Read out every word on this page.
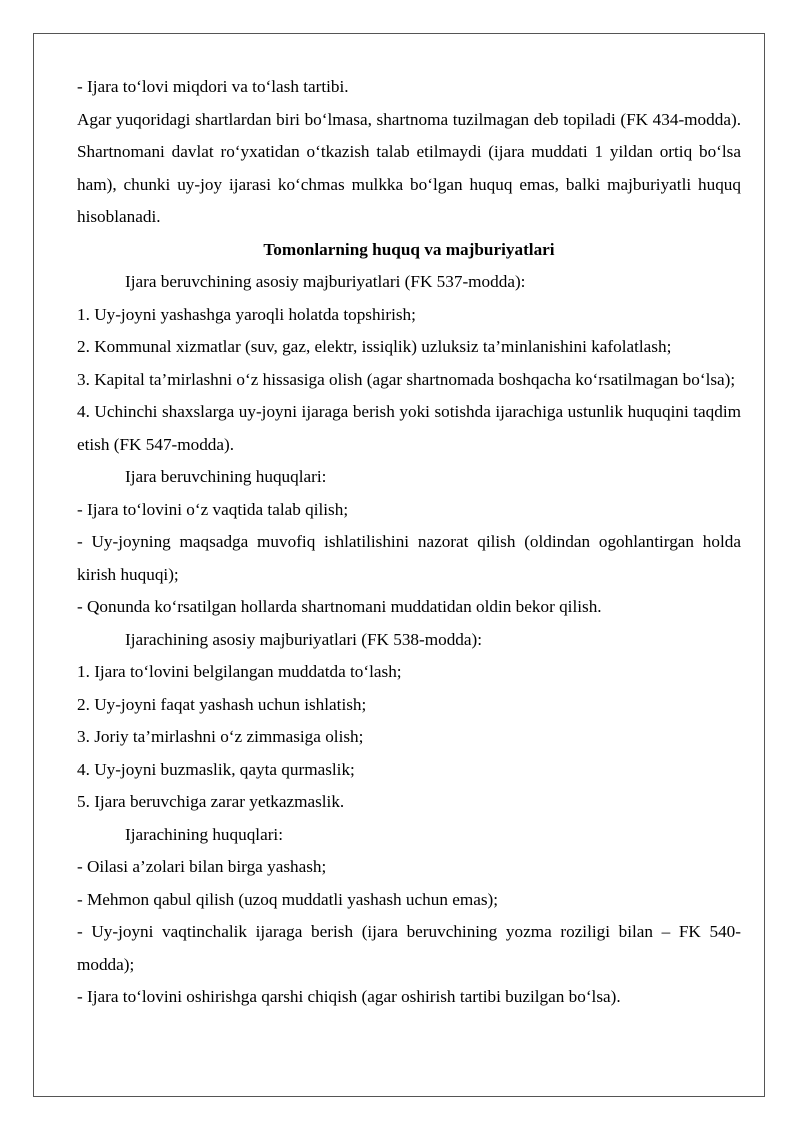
- Ijara to‘lovi miqdori va to‘lash tartibi.

Agar yuqoridagi shartlardan biri bo‘lmasa, shartnoma tuzilmagan deb topiladi (FK 434-modda). Shartnomani davlat ro‘yxatidan o‘tkazish talab etilmaydi (ijara muddati 1 yildan ortiq bo‘lsa ham), chunki uy-joy ijarasi ko‘chmas mulkka bo‘lgan huquq emas, balki majburiyatli huquq hisoblanadi.

Tomonlarning huquq va majburiyatlari

Ijara beruvchining asosiy majburiyatlari (FK 537-modda):

1. Uy-joyni yashashga yaroqli holatda topshirish;

2. Kommunal xizmatlar (suv, gaz, elektr, issiqlik) uzluksiz ta’minlanishini kafolatlash;

3. Kapital ta’mirlashni o‘z hissasiga olish (agar shartnomada boshqacha ko‘rsatilmagan bo‘lsa);

4. Uchinchi shaxslarga uy-joyni ijaraga berish yoki sotishda ijarachiga ustunlik huquqini taqdim etish (FK 547-modda).

Ijara beruvchining huquqlari:

- Ijara to‘lovini o‘z vaqtida talab qilish;

- Uy-joyning maqsadga muvofiq ishlatilishini nazorat qilish (oldindan ogohlantirgan holda kirish huquqi);

- Qonunda ko‘rsatilgan hollarda shartnomani muddatidan oldin bekor qilish.

Ijarachining asosiy majburiyatlari (FK 538-modda):

1. Ijara to‘lovini belgilangan muddatda to‘lash;

2. Uy-joyni faqat yashash uchun ishlatish;

3. Joriy ta’mirlashni o‘z zimmasiga olish;

4. Uy-joyni buzmaslik, qayta qurmaslik;

5. Ijara beruvchiga zarar yetkazmaslik.

Ijarachining huquqlari:

- Oilasi a’zolari bilan birga yashash;

- Mehmon qabul qilish (uzoq muddatli yashash uchun emas);

- Uy-joyni vaqtinchalik ijaraga berish (ijara beruvchining yozma roziligi bilan – FK 540-modda);

- Ijara to‘lovini oshirishga qarshi chiqish (agar oshirish tartibi buzilgan bo‘lsa).
